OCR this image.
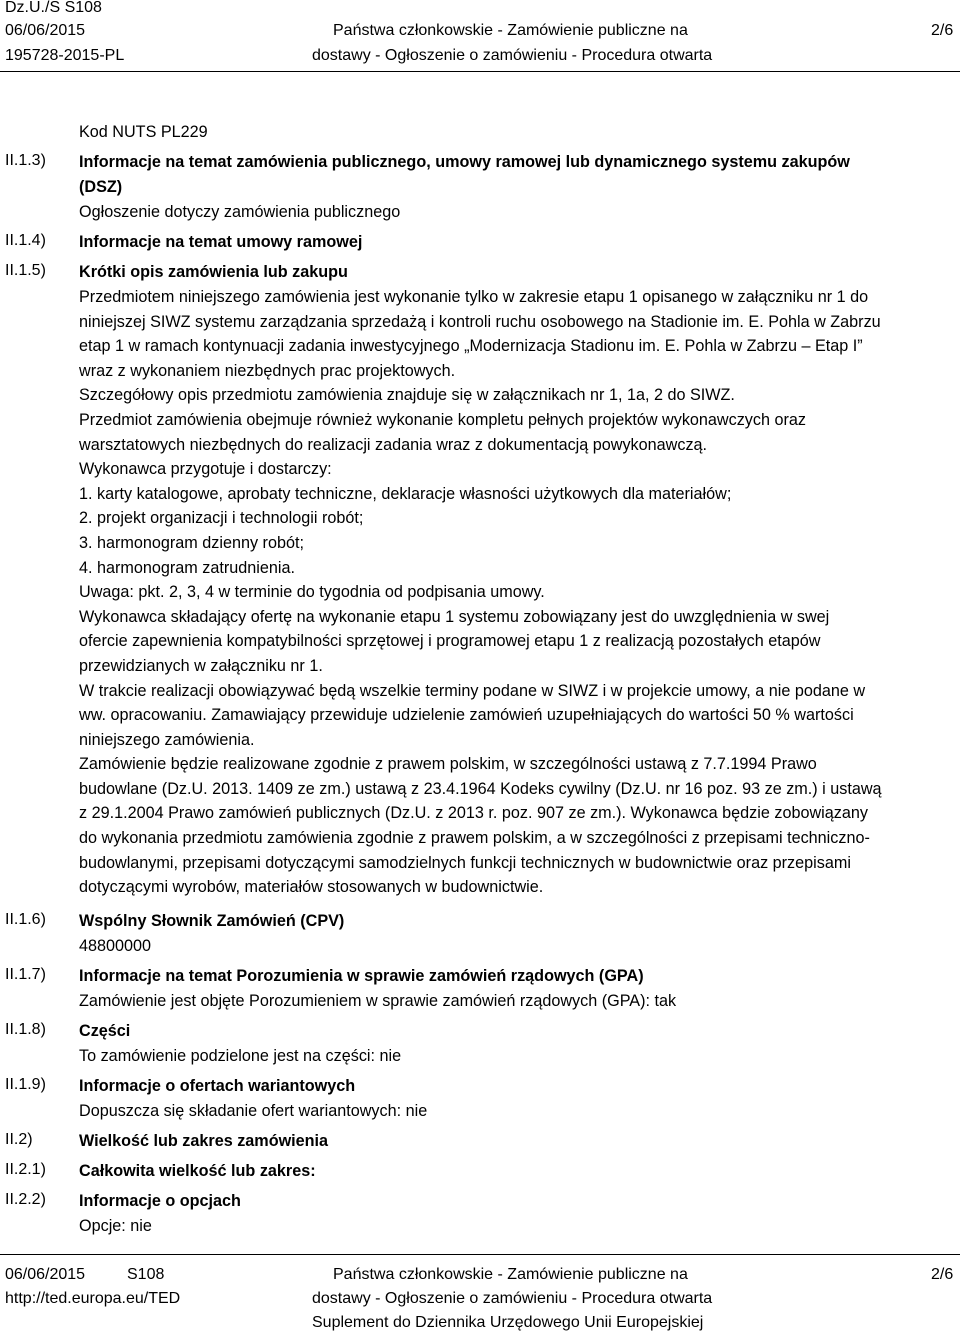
Dz.U./S S108
06/06/2015
195728-2015-PL
Państwa członkowskie - Zamówienie publiczne na
dostawy - Ogłoszenie o zamówieniu - Procedura otwarta
2/6
II.1.3)
II.1.4)
II.1.5)
II.1.6)
II.1.7)
II.1.8)
II.1.9)
II.2)
II.2.1)
II.2.2)
Kod NUTS PL229
Informacje na temat zamówienia publicznego, umowy ramowej lub dynamicznego systemu zakupów
(DSZ)
Ogłoszenie dotyczy zamówienia publicznego
Informacje na temat umowy ramowej
Krótki opis zamówienia lub zakupu
Przedmiotem niniejszego zamówienia jest wykonanie tylko w zakresie etapu 1 opisanego w załączniku nr 1 do
niniejszej SIWZ systemu zarządzania sprzedażą i kontroli ruchu osobowego na Stadionie im. E. Pohla w Zabrzu
etap 1 w ramach kontynuacji zadania inwestycyjnego „Modernizacja Stadionu im. E. Pohla w Zabrzu – Etap I”
wraz z wykonaniem niezbędnych prac projektowych.
Szczegółowy opis przedmiotu zamówienia znajduje się w załącznikach nr 1, 1a, 2 do SIWZ.
Przedmiot zamówienia obejmuje również wykonanie kompletu pełnych projektów wykonawczych oraz
warsztatowych niezbędnych do realizacji zadania wraz z dokumentacją powykonawczą.
Wykonawca przygotuje i dostarczy:
1. karty katalogowe, aprobaty techniczne, deklaracje własności użytkowych dla materiałów;
2. projekt organizacji i technologii robót;
3. harmonogram dzienny robót;
4. harmonogram zatrudnienia.
Uwaga: pkt. 2, 3, 4 w terminie do tygodnia od podpisania umowy.
Wykonawca składający ofertę na wykonanie etapu 1 systemu zobowiązany jest do uwzględnienia w swej
ofercie zapewnienia kompatybilności sprzętowej i programowej etapu 1 z realizacją pozostałych etapów
przewidzianych w załączniku nr 1.
W trakcie realizacji obowiązywać będą wszelkie terminy podane w SIWZ i w projekcie umowy, a nie podane w
ww. opracowaniu. Zamawiający przewiduje udzielenie zamówień uzupełniających do wartości 50 % wartości
niniejszego zamówienia.
Zamówienie będzie realizowane zgodnie z prawem polskim, w szczególności ustawą z 7.7.1994 Prawo
budowlane (Dz.U. 2013. 1409 ze zm.) ustawą z 23.4.1964 Kodeks cywilny (Dz.U. nr 16 poz. 93 ze zm.) i ustawą
z 29.1.2004 Prawo zamówień publicznych (Dz.U. z 2013 r. poz. 907 ze zm.). Wykonawca będzie zobowiązany
do wykonania przedmiotu zamówienia zgodnie z prawem polskim, a w szczególności z przepisami techniczno-
budowlanymi, przepisami dotyczącymi samodzielnych funkcji technicznych w budownictwie oraz przepisami
dotyczącymi wyrobów, materiałów stosowanych w budownictwie.
Wspólny Słownik Zamówień (CPV)
48800000
Informacje na temat Porozumienia w sprawie zamówień rządowych (GPA)
Zamówienie jest objęte Porozumieniem w sprawie zamówień rządowych (GPA): tak
Części
To zamówienie podzielone jest na części: nie
Informacje o ofertach wariantowych
Dopuszcza się składanie ofert wariantowych: nie
Wielkość lub zakres zamówienia
Całkowita wielkość lub zakres:
Informacje o opcjach
Opcje: nie
06/06/2015	S108
http://ted.europa.eu/TED
Państwa członkowskie - Zamówienie publiczne na
dostawy - Ogłoszenie o zamówieniu - Procedura otwarta
Suplement do Dziennika Urzędowego Unii Europejskiej
2/6
